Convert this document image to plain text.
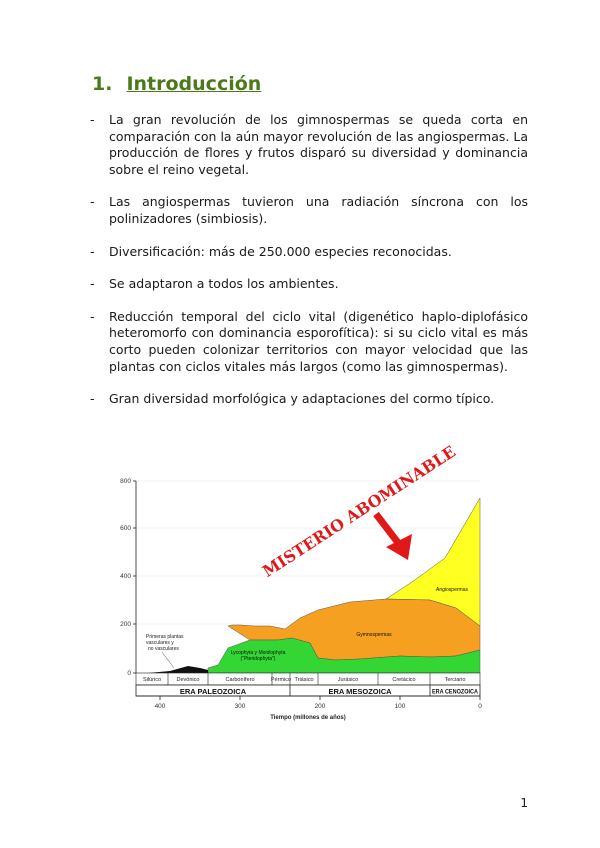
1. Introducción
- La gran revolución de los gimnospermas se queda corta en comparación con la aún mayor revolución de las angiospermas. La producción de flores y frutos disparó su diversidad y dominancia sobre el reino vegetal.
- Las angiospermas tuvieron una radiación síncrona con los polinizadores (simbiosis).
- Diversificación: más de 250.000 especies reconocidas.
- Se adaptaron a todos los ambientes.
- Reducción temporal del ciclo vital (digenético haplo-diplofásico heteromorfo con dominancia esporofítica): si su ciclo vital es más corto pueden colonizar territorios con mayor velocidad que las plantas con ciclos vitales más largos (como las gimnospermas).
- Gran diversidad morfológica y adaptaciones del cormo típico.
800
600
400
200
0
Silúrico	Devónico	Carbonífero	Pérmico Triásico	Jurásico	Cretácico	Terciario
ERA PALEOZOICA	ERA MESOZOICA	ERA CENOZOICA
400	300	200	100	0
Tiempo (millones de años)
Primeras plantas
vasculares y
no vasculares
Lycophyta y Monilophyta
("Pteridophyta")
Gymnospermas
Angiospermas
MISTERIO ABOMINABLE
1
